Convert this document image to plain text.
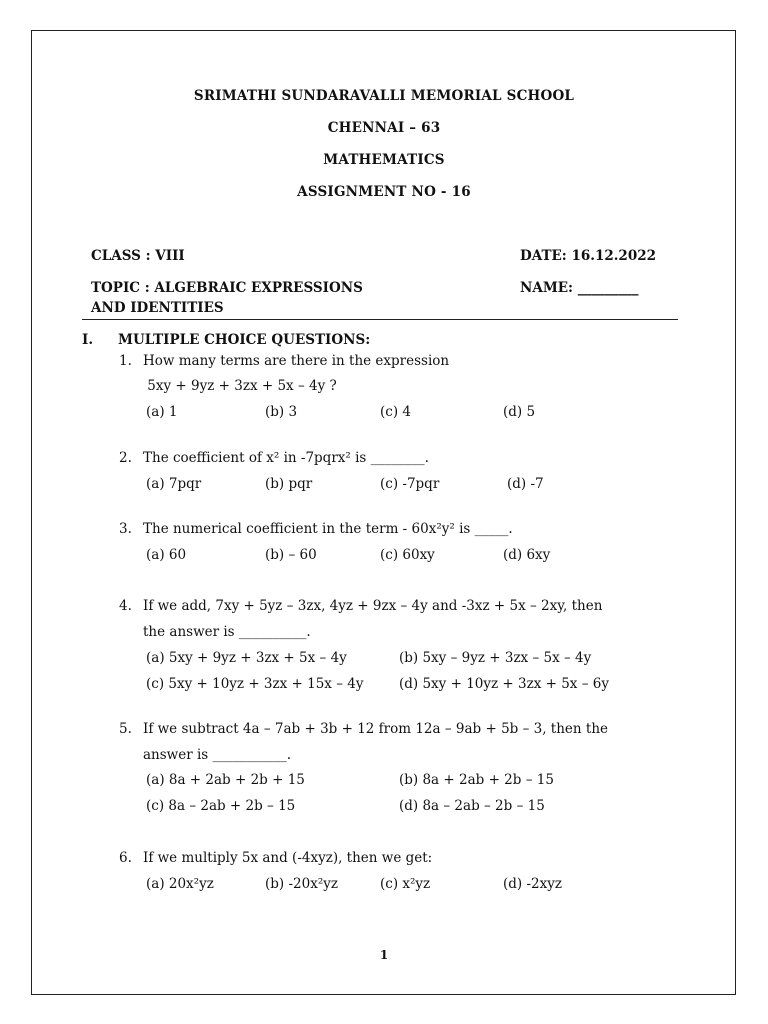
SRIMATHI SUNDARAVALLI MEMORIAL SCHOOL
CHENNAI – 63
MATHEMATICS
ASSIGNMENT NO - 16
CLASS : VIII	DATE: 16.12.2022
TOPIC : ALGEBRAIC EXPRESSIONS
AND IDENTITIES
NAME: _________
I. MULTIPLE CHOICE QUESTIONS:
1. How many terms are there in the expression
5xy + 9yz + 3zx + 5x – 4y ?
(a) 1	(b) 3	(c) 4	(d) 5
2. The coefficient of x² in -7pqrx² is ________.
(a) 7pqr	(b) pqr	(c) -7pqr	(d) -7
3. The numerical coefficient in the term - 60x²y² is _____.
(a) 60	(b) – 60	(c) 60xy	(d) 6xy
4. If we add, 7xy + 5yz – 3zx, 4yz + 9zx – 4y and -3xz + 5x – 2xy, then
the answer is __________.
(a) 5xy + 9yz + 3zx + 5x – 4y	(b) 5xy – 9yz + 3zx – 5x – 4y
(c) 5xy + 10yz + 3zx + 15x – 4y	(d) 5xy + 10yz + 3zx + 5x – 6y
5. If we subtract 4a – 7ab + 3b + 12 from 12a – 9ab + 5b – 3, then the
answer is ___________.
(a) 8a + 2ab + 2b + 15	(b) 8a + 2ab + 2b – 15
(c) 8a – 2ab + 2b – 15	(d) 8a – 2ab – 2b – 15
6. If we multiply 5x and (-4xyz), then we get:
(a) 20x²yz	(b) -20x²yz	(c) x²yz	(d) -2xyz
1
